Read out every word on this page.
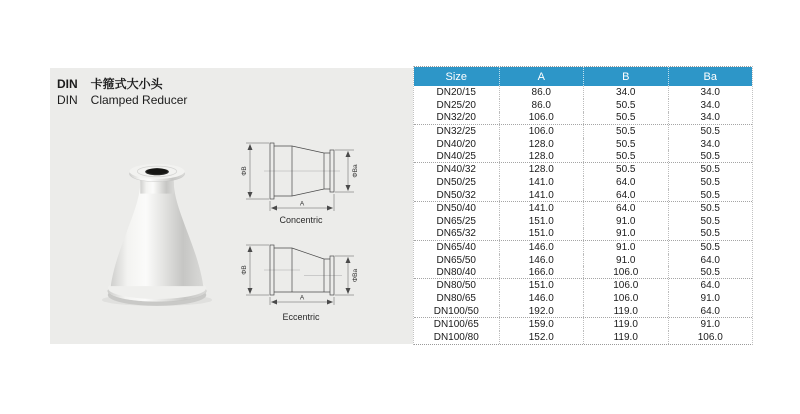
DIN 卡箍式大小头
DIN Clamped Reducer
ΦB	ΦBa
A
Concentric
ΦB	ΦBa
A
Eccentric
Size	A	B	Ba
DN20/15	86.0	34.0	34.0
DN25/20	86.0	50.5	34.0
DN32/20	106.0	50.5	34.0
DN32/25	106.0	50.5	50.5
DN40/20	128.0	50.5	34.0
DN40/25	128.0	50.5	50.5
DN40/32	128.0	50.5	50.5
DN50/25	141.0	64.0	50.5
DN50/32	141.0	64.0	50.5
DN50/40	141.0	64.0	50.5
DN65/25	151.0	91.0	50.5
DN65/32	151.0	91.0	50.5
DN65/40	146.0	91.0	50.5
DN65/50	146.0	91.0	64.0
DN80/40	166.0	106.0	50.5
DN80/50	151.0	106.0	64.0
DN80/65	146.0	106.0	91.0
DN100/50	192.0	119.0	64.0
DN100/65	159.0	119.0	91.0
DN100/80	152.0	119.0	106.0
